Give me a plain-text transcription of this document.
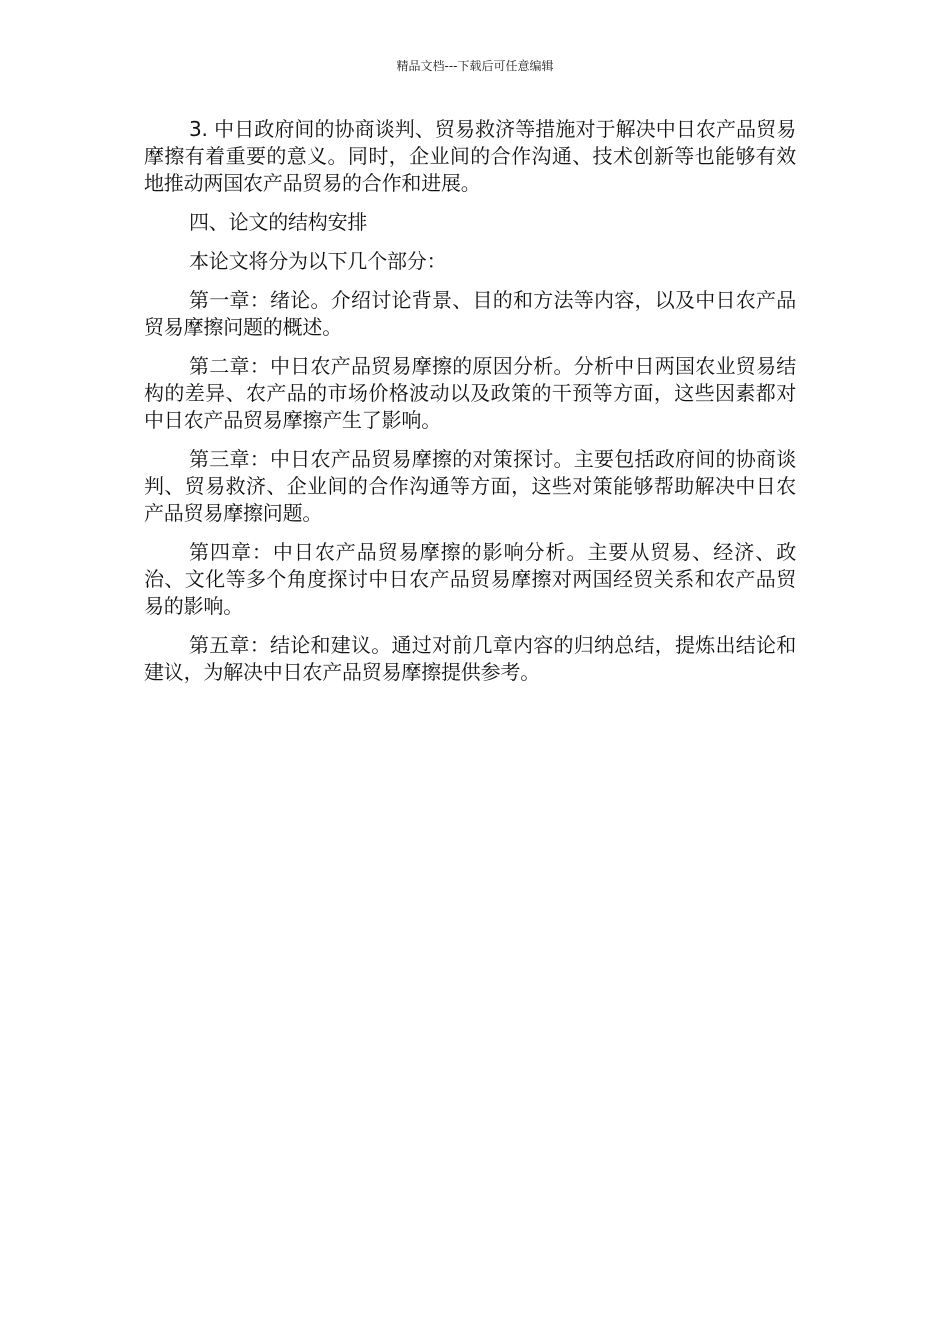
精品文档---下载后可任意编辑

3. 中日政府间的协商谈判、贸易救济等措施对于解决中日农产品贸易摩擦有着重要的意义。同时，企业间的合作沟通、技术创新等也能够有效地推动两国农产品贸易的合作和进展。

四、论文的结构安排

本论文将分为以下几个部分：

第一章：绪论。介绍讨论背景、目的和方法等内容，以及中日农产品贸易摩擦问题的概述。

第二章：中日农产品贸易摩擦的原因分析。分析中日两国农业贸易结构的差异、农产品的市场价格波动以及政策的干预等方面，这些因素都对中日农产品贸易摩擦产生了影响。

第三章：中日农产品贸易摩擦的对策探讨。主要包括政府间的协商谈判、贸易救济、企业间的合作沟通等方面，这些对策能够帮助解决中日农产品贸易摩擦问题。

第四章：中日农产品贸易摩擦的影响分析。主要从贸易、经济、政治、文化等多个角度探讨中日农产品贸易摩擦对两国经贸关系和农产品贸易的影响。

第五章：结论和建议。通过对前几章内容的归纳总结，提炼出结论和建议，为解决中日农产品贸易摩擦提供参考。
